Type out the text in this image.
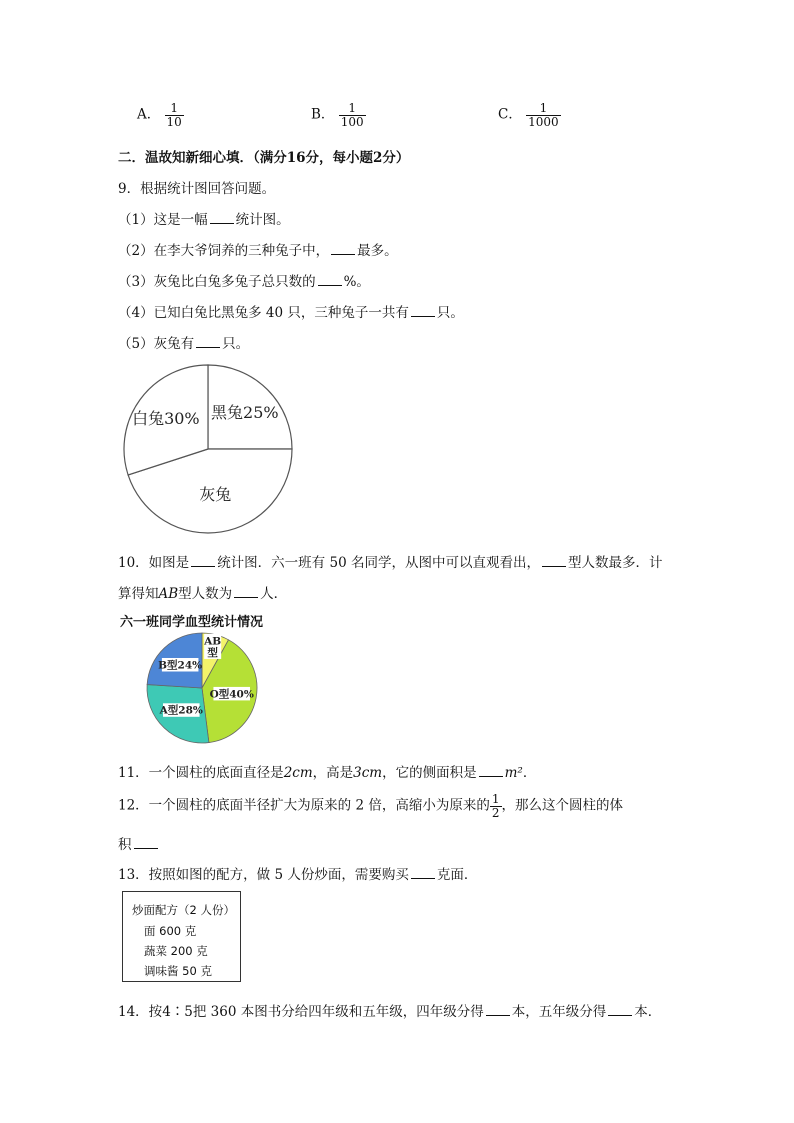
A． $\frac{1}{10}$	B． $\frac{1}{100}$	C． $\frac{1}{1000}$
二．温故知新细心填．（满分16分，每小题2分）
9．根据统计图回答问题。
（1）这是一幅 统计图。
（2）在李大爷饲养的三种兔子中， 最多。
（3）灰兔比白兔多兔子总只数的 %。
（4）已知白兔比黑兔多 40 只，三种兔子一共有 只。
（5）灰兔有 只。
黑兔25%
灰兔
白兔30%
10．如图是 统计图．六一班有 50 名同学，从图中可以直观看出， 型人数最多．计
算得知AB型人数为 人．
六一班同学血型统计情况
AB
型
O型40%
A型28%
B型24%
11．一个圆柱的底面直径是2cm，高是3cm，它的侧面积是 m²．
12．一个圆柱的底面半径扩大为原来的 2 倍，高缩小为原来的 $\frac{1}{2}$ ，那么这个圆柱的体
积
13．按照如图的配方，做 5 人份炒面，需要购买 克面．
炒面配方（2 人份）
面 600 克
蔬菜 200 克
调味酱 50 克
14．按4∶5把 360 本图书分给四年级和五年级，四年级分得 本，五年级分得 本．
